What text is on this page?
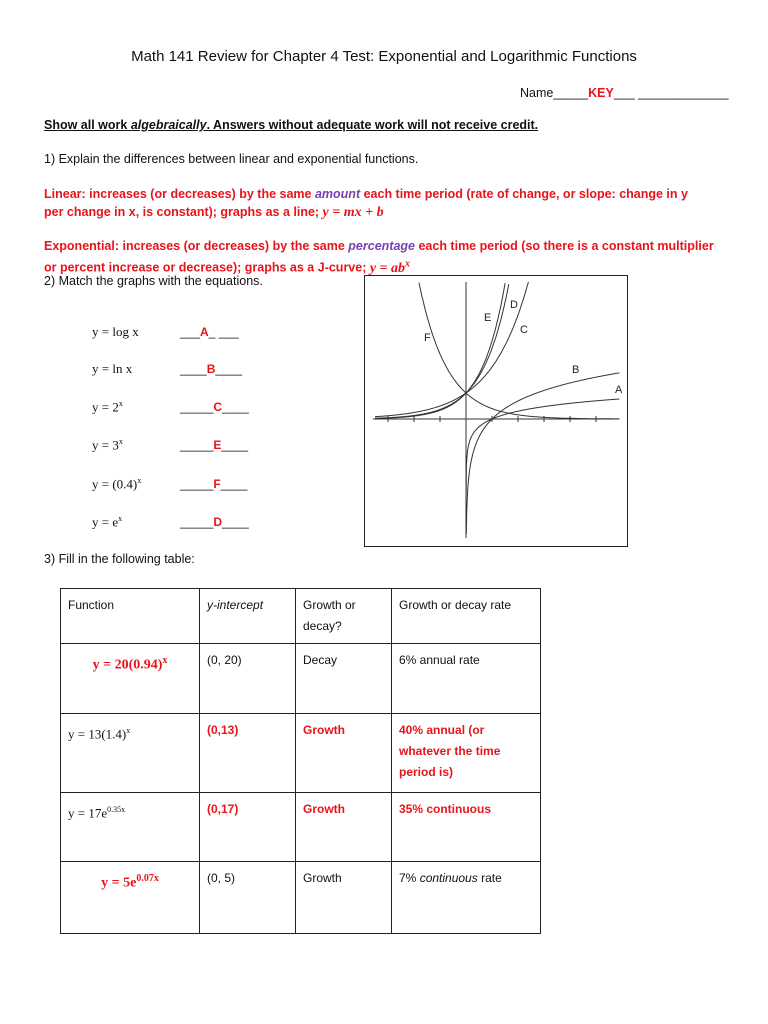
Math 141 Review for Chapter 4 Test: Exponential and Logarithmic Functions
Name_____KEY___ _____________
Show all work algebraically. Answers without adequate work will not receive credit.
1) Explain the differences between linear and exponential functions.
Linear: increases (or decreases) by the same amount each time period (rate of change, or slope: change in y per change in x, is constant); graphs as a line; y = mx + b
Exponential: increases (or decreases) by the same percentage each time period (so there is a constant multiplier or percent increase or decrease); graphs as a J-curve; $y = ab^x$
2) Match the graphs with the equations.
y = log x	___A_ ___
y = ln x	____B____
$y = 2^x$	_____C____
$y = 3^x$	_____E____
$y = (0.4)^x$	_____F____
$y = e^x$	_____D____
A
B
C
D
E
F
3) Fill in the following table:
Function	y-intercept	Growth or decay?	Growth or decay rate
$y = 20(0.94)^x$	(0, 20)	Decay	6% annual rate
$y = 13(1.4)^x$	(0,13)	Growth	40% annual (or whatever the time period is)
$y = 17e^{0.35x}$	(0,17)	Growth	35% continuous
$y = 5e^{0.07x}$	(0, 5)	Growth	7% continuous rate
